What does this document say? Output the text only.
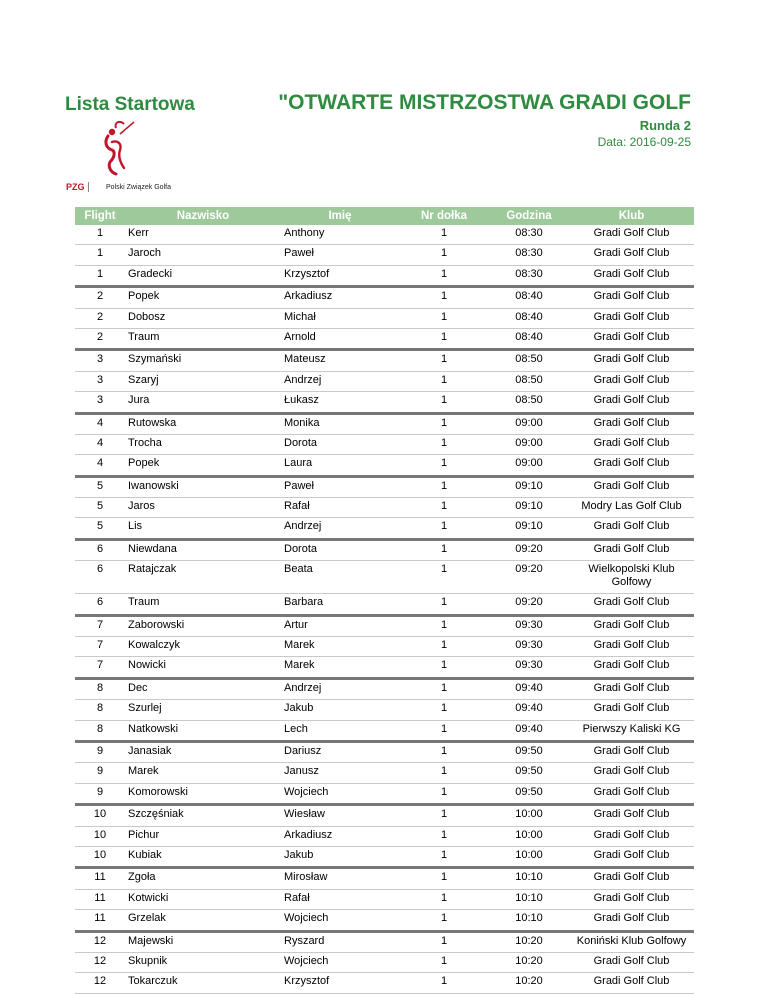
Lista Startowa	"OTWARTE MISTRZOSTWA GRADI GOLF
Runda 2
Data: 2016-09-25
PZG	Polski Związek Golfa
Flight	Nazwisko	Imię	Nr dołka	Godzina	Klub
1	Kerr	Anthony	1	08:30	Gradi Golf Club
1	Jaroch	Paweł	1	08:30	Gradi Golf Club
1	Gradecki	Krzysztof	1	08:30	Gradi Golf Club
2	Popek	Arkadiusz	1	08:40	Gradi Golf Club
2	Dobosz	Michał	1	08:40	Gradi Golf Club
2	Traum	Arnold	1	08:40	Gradi Golf Club
3	Szymański	Mateusz	1	08:50	Gradi Golf Club
3	Szaryj	Andrzej	1	08:50	Gradi Golf Club
3	Jura	Łukasz	1	08:50	Gradi Golf Club
4	Rutowska	Monika	1	09:00	Gradi Golf Club
4	Trocha	Dorota	1	09:00	Gradi Golf Club
4	Popek	Laura	1	09:00	Gradi Golf Club
5	Iwanowski	Paweł	1	09:10	Gradi Golf Club
5	Jaros	Rafał	1	09:10	Modry Las Golf Club
5	Lis	Andrzej	1	09:10	Gradi Golf Club
6	Niewdana	Dorota	1	09:20	Gradi Golf Club
6	Ratajczak	Beata	1	09:20	Wielkopolski Klub Golfowy
6	Traum	Barbara	1	09:20	Gradi Golf Club
7	Zaborowski	Artur	1	09:30	Gradi Golf Club
7	Kowalczyk	Marek	1	09:30	Gradi Golf Club
7	Nowicki	Marek	1	09:30	Gradi Golf Club
8	Dec	Andrzej	1	09:40	Gradi Golf Club
8	Szurlej	Jakub	1	09:40	Gradi Golf Club
8	Natkowski	Lech	1	09:40	Pierwszy Kaliski KG
9	Janasiak	Dariusz	1	09:50	Gradi Golf Club
9	Marek	Janusz	1	09:50	Gradi Golf Club
9	Komorowski	Wojciech	1	09:50	Gradi Golf Club
10	Szczęśniak	Wiesław	1	10:00	Gradi Golf Club
10	Pichur	Arkadiusz	1	10:00	Gradi Golf Club
10	Kubiak	Jakub	1	10:00	Gradi Golf Club
11	Zgoła	Mirosław	1	10:10	Gradi Golf Club
11	Kotwicki	Rafał	1	10:10	Gradi Golf Club
11	Grzelak	Wojciech	1	10:10	Gradi Golf Club
12	Majewski	Ryszard	1	10:20	Koniński Klub Golfowy
12	Skupnik	Wojciech	1	10:20	Gradi Golf Club
12	Tokarczuk	Krzysztof	1	10:20	Gradi Golf Club
